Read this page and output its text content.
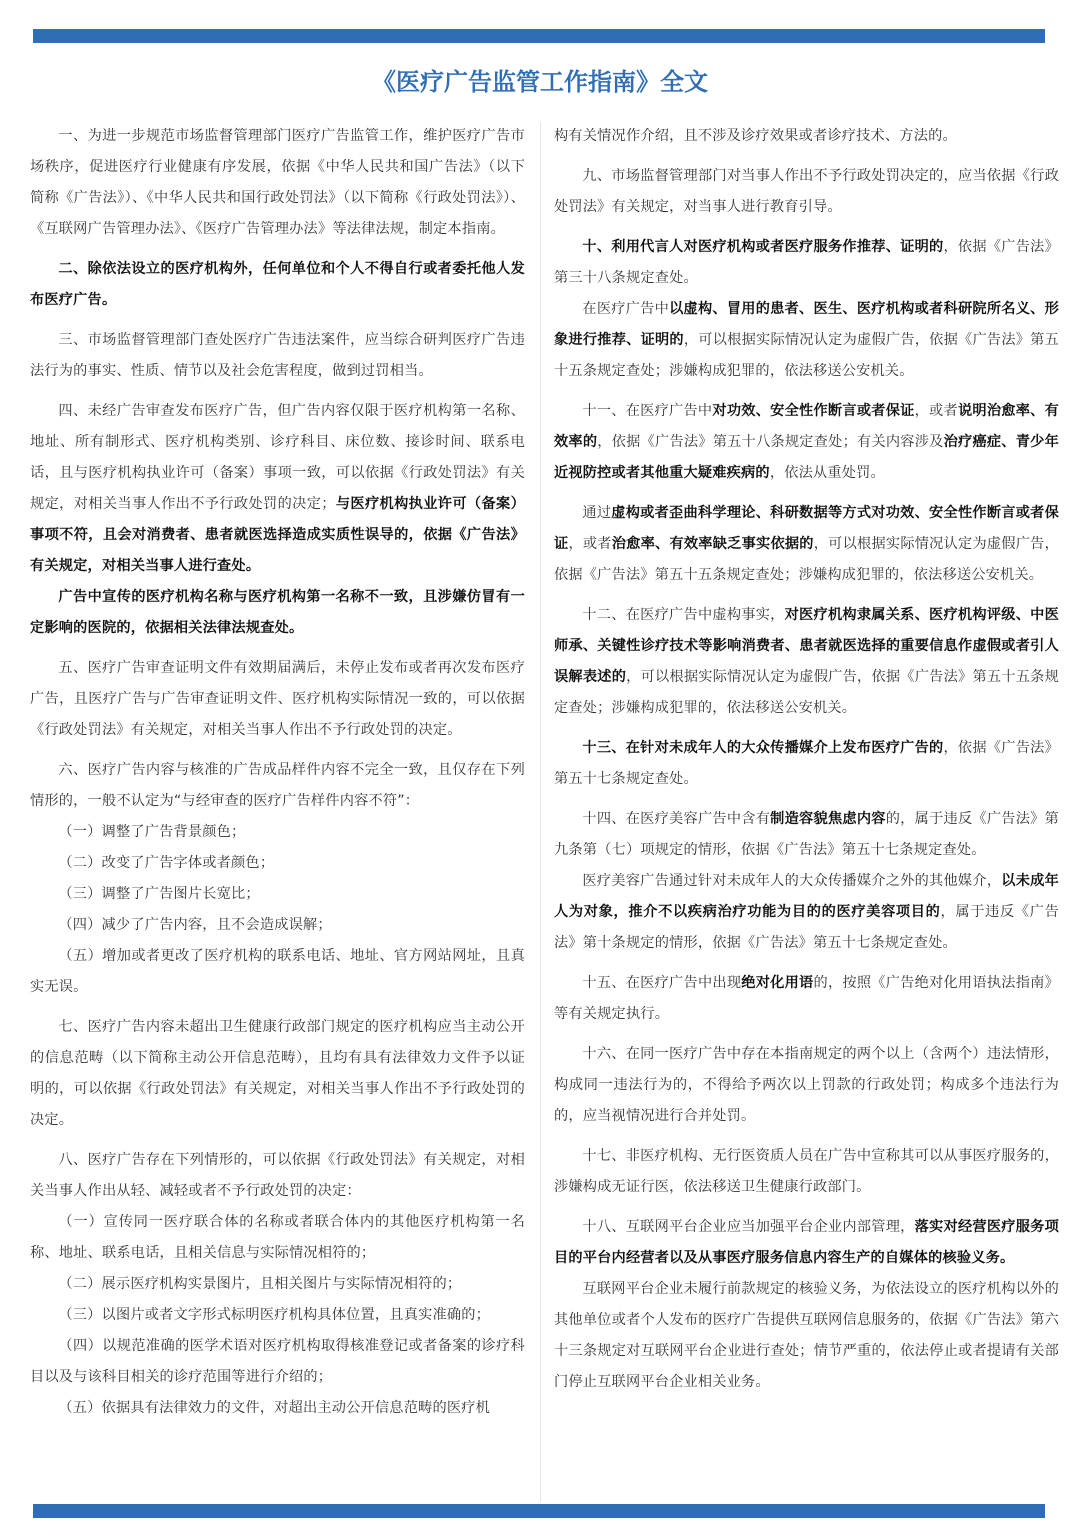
《医疗广告监管工作指南》全文

一、为进一步规范市场监督管理部门医疗广告监管工作，维护医疗广告市场秩序，促进医疗行业健康有序发展，依据《中华人民共和国广告法》（以下简称《广告法》）、《中华人民共和国行政处罚法》（以下简称《行政处罚法》）、《互联网广告管理办法》、《医疗广告管理办法》等法律法规，制定本指南。

二、除依法设立的医疗机构外，任何单位和个人不得自行或者委托他人发布医疗广告。

三、市场监督管理部门查处医疗广告违法案件，应当综合研判医疗广告违法行为的事实、性质、情节以及社会危害程度，做到过罚相当。

四、未经广告审查发布医疗广告，但广告内容仅限于医疗机构第一名称、地址、所有制形式、医疗机构类别、诊疗科目、床位数、接诊时间、联系电话，且与医疗机构执业许可（备案）事项一致，可以依据《行政处罚法》有关规定，对相关当事人作出不予行政处罚的决定；与医疗机构执业许可（备案）事项不符，且会对消费者、患者就医选择造成实质性误导的，依据《广告法》有关规定，对相关当事人进行查处。

广告中宣传的医疗机构名称与医疗机构第一名称不一致，且涉嫌仿冒有一定影响的医院的，依据相关法律法规查处。

五、医疗广告审查证明文件有效期届满后，未停止发布或者再次发布医疗广告，且医疗广告与广告审查证明文件、医疗机构实际情况一致的，可以依据《行政处罚法》有关规定，对相关当事人作出不予行政处罚的决定。

六、医疗广告内容与核准的广告成品样件内容不完全一致，且仅存在下列情形的，一般不认定为“与经审查的医疗广告样件内容不符”：

（一）调整了广告背景颜色；

（二）改变了广告字体或者颜色；

（三）调整了广告图片长宽比；

（四）减少了广告内容，且不会造成误解；

（五）增加或者更改了医疗机构的联系电话、地址、官方网站网址，且真实无误。

七、医疗广告内容未超出卫生健康行政部门规定的医疗机构应当主动公开的信息范畴（以下简称主动公开信息范畴），且均有具有法律效力文件予以证明的，可以依据《行政处罚法》有关规定，对相关当事人作出不予行政处罚的决定。

八、医疗广告存在下列情形的，可以依据《行政处罚法》有关规定，对相关当事人作出从轻、减轻或者不予行政处罚的决定：

（一）宣传同一医疗联合体的名称或者联合体内的其他医疗机构第一名称、地址、联系电话，且相关信息与实际情况相符的；

（二）展示医疗机构实景图片，且相关图片与实际情况相符的；

（三）以图片或者文字形式标明医疗机构具体位置，且真实准确的；

（四）以规范准确的医学术语对医疗机构取得核准登记或者备案的诊疗科目以及与该科目相关的诊疗范围等进行介绍的；

（五）依据具有法律效力的文件，对超出主动公开信息范畴的医疗机

构有关情况作介绍，且不涉及诊疗效果或者诊疗技术、方法的。

九、市场监督管理部门对当事人作出不予行政处罚决定的，应当依据《行政处罚法》有关规定，对当事人进行教育引导。

十、利用代言人对医疗机构或者医疗服务作推荐、证明的，依据《广告法》第三十八条规定查处。

在医疗广告中以虚构、冒用的患者、医生、医疗机构或者科研院所名义、形象进行推荐、证明的，可以根据实际情况认定为虚假广告，依据《广告法》第五十五条规定查处；涉嫌构成犯罪的，依法移送公安机关。

十一、在医疗广告中对功效、安全性作断言或者保证，或者说明治愈率、有效率的，依据《广告法》第五十八条规定查处；有关内容涉及治疗癌症、青少年近视防控或者其他重大疑难疾病的，依法从重处罚。

通过虚构或者歪曲科学理论、科研数据等方式对功效、安全性作断言或者保证，或者治愈率、有效率缺乏事实依据的，可以根据实际情况认定为虚假广告，依据《广告法》第五十五条规定查处；涉嫌构成犯罪的，依法移送公安机关。

十二、在医疗广告中虚构事实，对医疗机构隶属关系、医疗机构评级、中医师承、关键性诊疗技术等影响消费者、患者就医选择的重要信息作虚假或者引人误解表述的，可以根据实际情况认定为虚假广告，依据《广告法》第五十五条规定查处；涉嫌构成犯罪的，依法移送公安机关。

十三、在针对未成年人的大众传播媒介上发布医疗广告的，依据《广告法》第五十七条规定查处。

十四、在医疗美容广告中含有制造容貌焦虑内容的，属于违反《广告法》第九条第（七）项规定的情形，依据《广告法》第五十七条规定查处。

医疗美容广告通过针对未成年人的大众传播媒介之外的其他媒介，以未成年人为对象，推介不以疾病治疗功能为目的的医疗美容项目的，属于违反《广告法》第十条规定的情形，依据《广告法》第五十七条规定查处。

十五、在医疗广告中出现绝对化用语的，按照《广告绝对化用语执法指南》等有关规定执行。

十六、在同一医疗广告中存在本指南规定的两个以上（含两个）违法情形，构成同一违法行为的，不得给予两次以上罚款的行政处罚；构成多个违法行为的，应当视情况进行合并处罚。

十七、非医疗机构、无行医资质人员在广告中宣称其可以从事医疗服务的，涉嫌构成无证行医，依法移送卫生健康行政部门。

十八、互联网平台企业应当加强平台企业内部管理，落实对经营医疗服务项目的平台内经营者以及从事医疗服务信息内容生产的自媒体的核验义务。

互联网平台企业未履行前款规定的核验义务，为依法设立的医疗机构以外的其他单位或者个人发布的医疗广告提供互联网信息服务的，依据《广告法》第六十三条规定对互联网平台企业进行查处；情节严重的，依法停止或者提请有关部门停止互联网平台企业相关业务。
